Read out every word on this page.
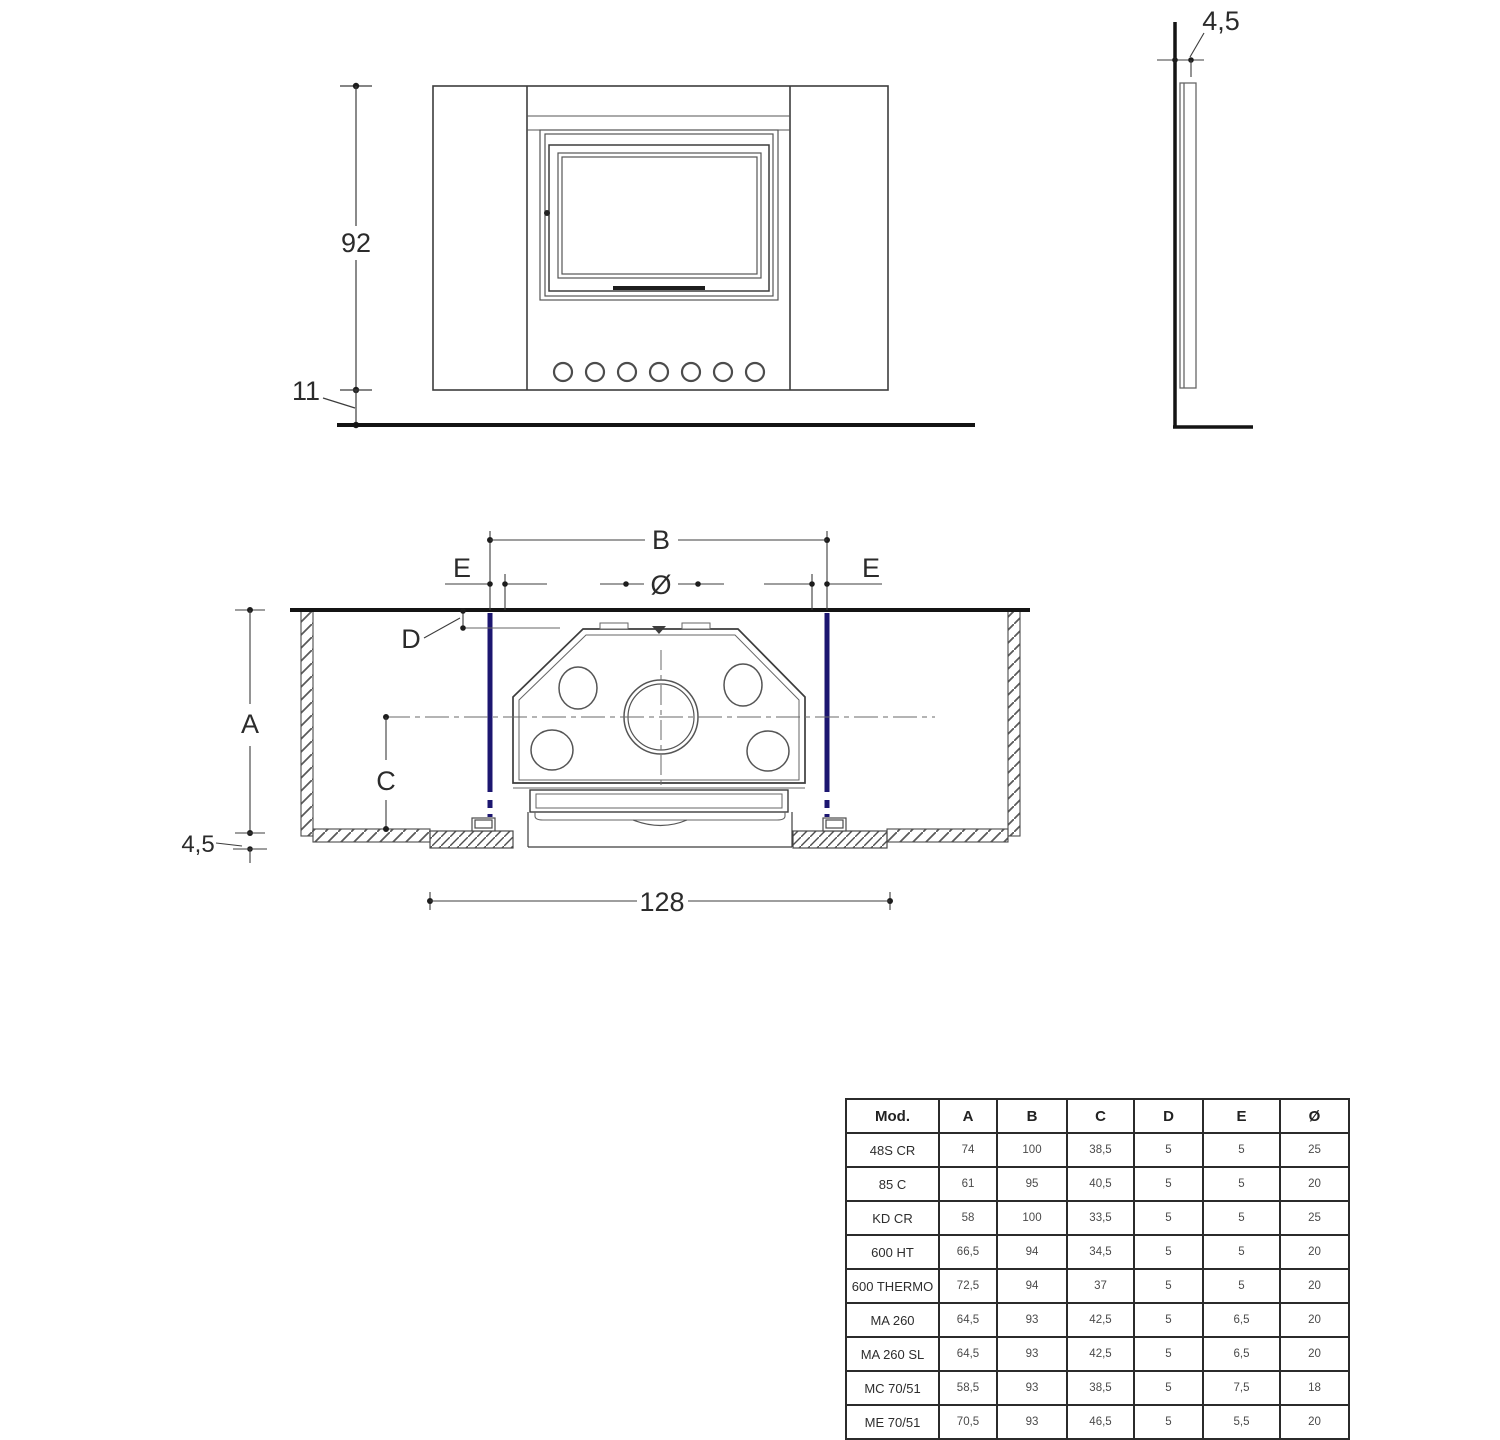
92
11
4,5
B
E	E
Ø
D
A
C
4,5
128
Mod.	A	B	C	D	E	Ø
48S CR	74	100	38,5	5	5	25
85 C	61	95	40,5	5	5	20
KD CR	58	100	33,5	5	5	25
600 HT	66,5	94	34,5	5	5	20
600 THERMO	72,5	94	37	5	5	20
MA 260	64,5	93	42,5	5	6,5	20
MA 260 SL	64,5	93	42,5	5	6,5	20
MC 70/51	58,5	93	38,5	5	7,5	18
ME 70/51	70,5	93	46,5	5	5,5	20
